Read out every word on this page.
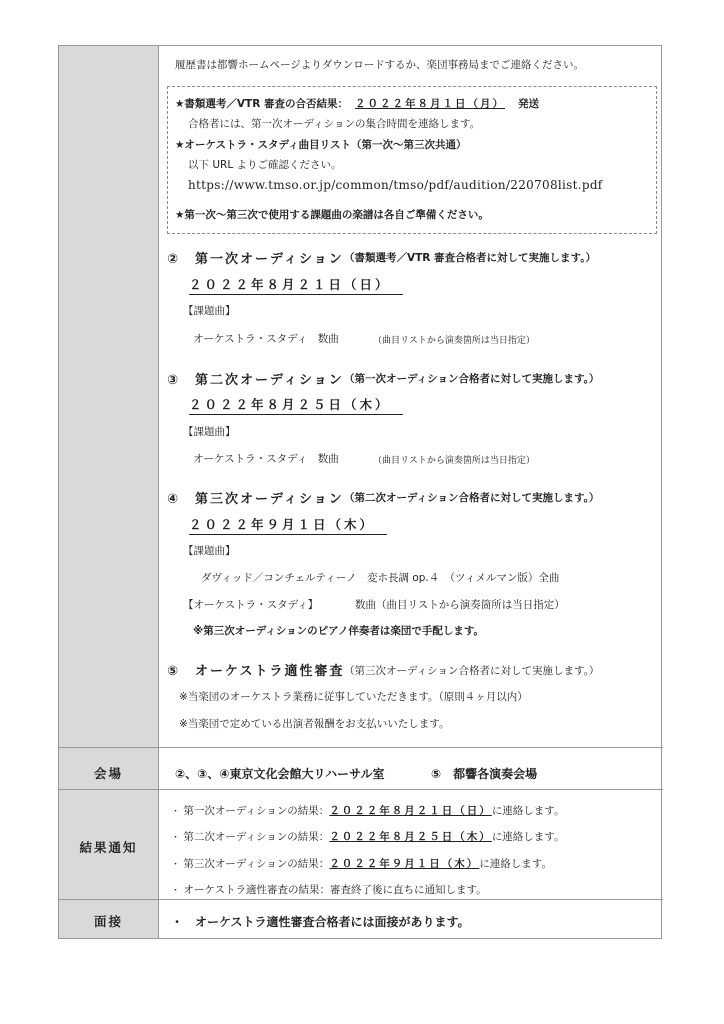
履歴書は都響ホームページよりダウンロードするか、楽団事務局までご連絡ください。
★書類選考／VTR 審査の合否結果： ２０２２年８月１日（月） 発送
合格者には、第一次オーディションの集合時間を連絡します。
★オーケストラ・スタディ曲目リスト（第一次～第三次共通）
以下 URL よりご確認ください。
https://www.tmso.or.jp/common/tmso/pdf/audition/220708list.pdf
★第一次～第三次で使用する課題曲の楽譜は各自ご準備ください。
②　 第一次オーディション （書類選考／VTR 審査合格者に対して実施します。）
２０２２年８月２１日（日）
【課題曲】
オーケストラ・スタディ　数曲	（曲目リストから演奏箇所は当日指定）
③　 第二次オーディション （第一次オーディション合格者に対して実施します。）
２０２２年８月２５日（木）
【課題曲】
オーケストラ・スタディ　数曲	（曲目リストから演奏箇所は当日指定）
④　 第三次オーディション （第二次オーディション合格者に対して実施します。）
２０２２年９月１日（木）
【課題曲】
ダヴィッド／コンチェルティーノ　変ホ長調 op.４　（ツィメルマン版）全曲
【オーケストラ・スタディ】	数曲（曲目リストから演奏箇所は当日指定）
※第三次オーディションのピアノ伴奏者は楽団で手配します。
⑤　 オーケストラ適性審査 （第三次オーディション合格者に対して実施します。）
※当楽団のオーケストラ業務に従事していただきます。（原則４ヶ月以内）
※当楽団で定めている出演者報酬をお支払いいたします。
会場	②、③、④東京文化会館大リハーサル室	⑤　都響各演奏会場
結果通知
・ 第一次オーディションの結果：２０２２年８月２１日（日）に連絡します。
・ 第二次オーディションの結果：２０２２年８月２５日（木）に連絡します。
・ 第三次オーディションの結果：２０２２年９月１日（木）に連絡します。
・ オーケストラ適性審査の結果：審査終了後に直ちに通知します。
面接	・　オーケストラ適性審査合格者には面接があります。
